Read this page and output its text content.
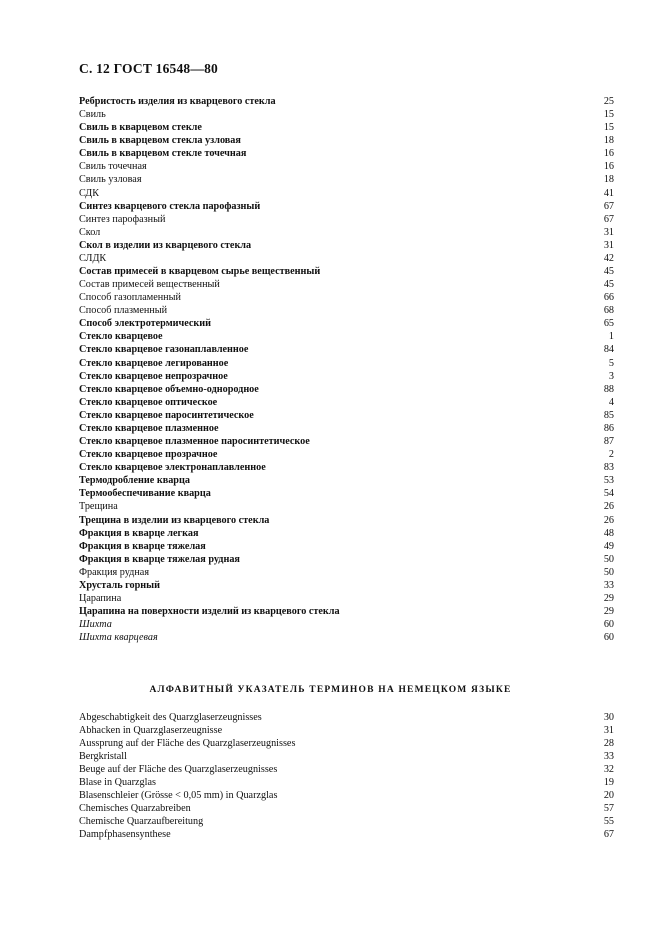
С. 12 ГОСТ 16548—80
Ребристость изделия из кварцевого стекла	25
Свиль	15
Свиль в кварцевом стекле	15
Свиль в кварцевом стекла узловая	18
Свиль в кварцевом стекле точечная	16
Свиль точечная	16
Свиль узловая	18
СДК	41
Синтез кварцевого стекла парофазный	67
Синтез парофазный	67
Скол	31
Скол в изделии из кварцевого стекла	31
СЛДК	42
Состав примесей в кварцевом сырье вещественный	45
Состав примесей вещественный	45
Способ газопламенный	66
Способ плазменный	68
Способ электротермический	65
Стекло кварцевое	1
Стекло кварцевое газонаплавленное	84
Стекло кварцевое легированное	5
Стекло кварцевое непрозрачное	3
Стекло кварцевое объемно-однородное	88
Стекло кварцевое оптическое	4
Стекло кварцевое паросинтетическое	85
Стекло кварцевое плазменное	86
Стекло кварцевое плазменное паросинтетическое	87
Стекло кварцевое прозрачное	2
Стекло кварцевое электронаплавленное	83
Термодробление кварца	53
Термообеспечивание кварца	54
Трещина	26
Трещина в изделии из кварцевого стекла	26
Фракция в кварце легкая	48
Фракция в кварце тяжелая	49
Фракция в кварце тяжелая рудная	50
Фракция рудная	50
Хрусталь горный	33
Царапина	29
Царапина на поверхности изделий из кварцевого стекла	29
Шихта	60
Шихта кварцевая	60
АЛФАВИТНЫЙ УКАЗАТЕЛЬ ТЕРМИНОВ НА НЕМЕЦКОМ ЯЗЫКЕ
Abgeschabtigkeit des Quarzglaserzeugnisses	30
Abhacken in Quarzglaserzeugnisse	31
Aussprung auf der Fläche des Quarzglaserzeugnisses	28
Bergkristall	33
Beuge auf der Fläche des Quarzglaserzeugnisses	32
Blase in Quarzglas	19
Blasenschleier (Grösse < 0,05 mm) in Quarzglas	20
Chemisches Quarzabreiben	57
Chemische Quarzaufbereitung	55
Dampfphasensynthese	67
